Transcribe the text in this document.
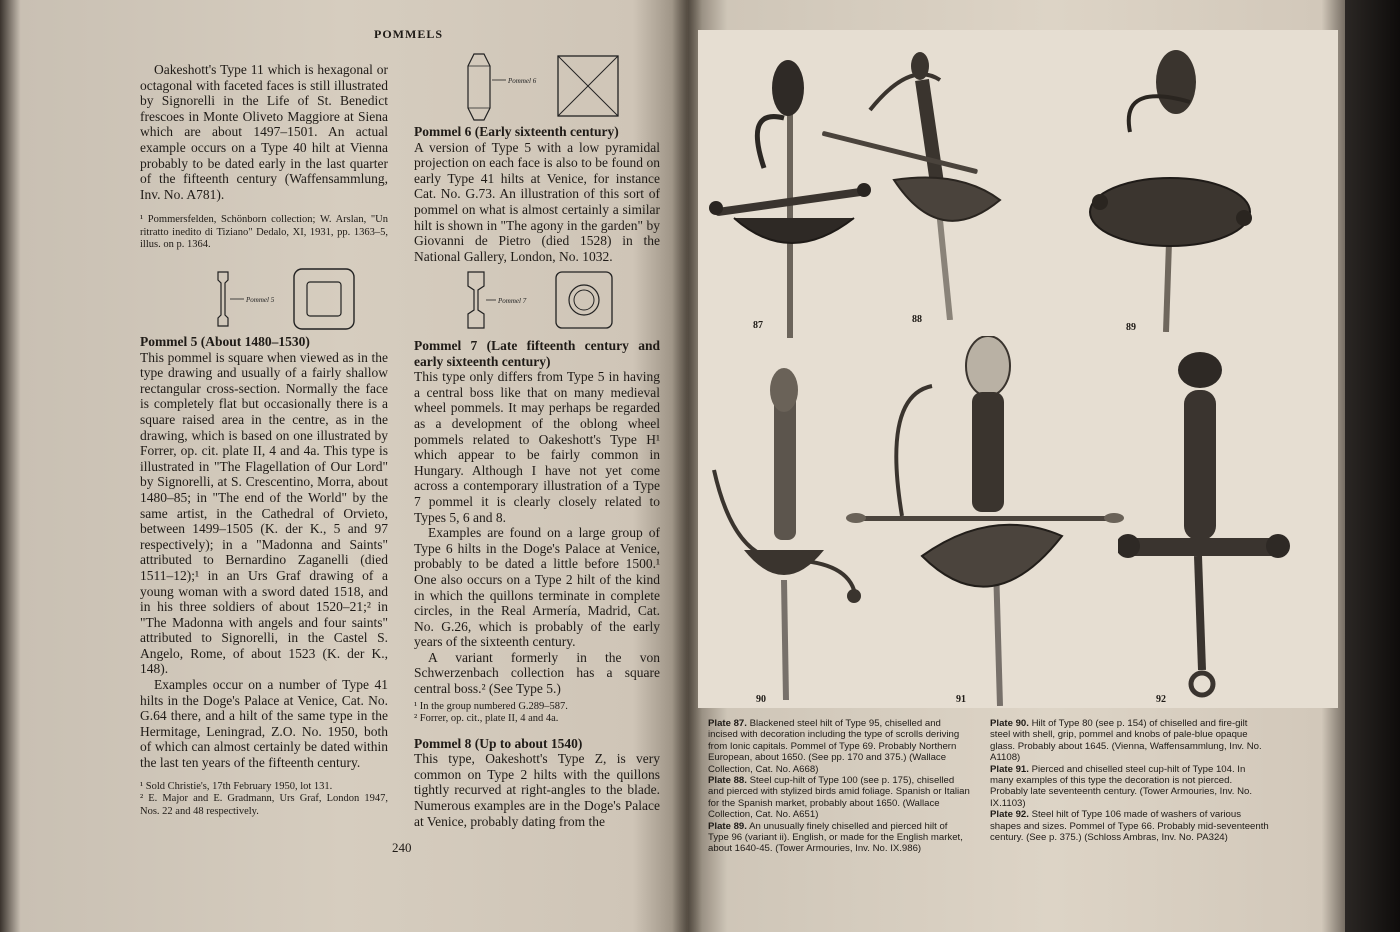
POMMELS

Oakeshott's Type 11 which is hexagonal or octagonal with faceted faces is still illustrated by Signorelli in the Life of St. Benedict frescoes in Monte Oliveto Maggiore at Siena which are about 1497–1501. An actual example occurs on a Type 40 hilt at Vienna probably to be dated early in the last quarter of the fifteenth century (Waffensammlung, Inv. No. A781).

¹ Pommersfelden, Schönborn collection; W. Arslan, "Un ritratto inedito di Tiziano" Dedalo, XI, 1931, pp. 1363–5, illus. on p. 1364.

Pommel 5

Pommel 5 (About 1480–1530)

This pommel is square when viewed as in the type drawing and usually of a fairly shallow rectangular cross-section. Normally the face is completely flat but occasionally there is a square raised area in the centre, as in the drawing, which is based on one illustrated by Forrer, op. cit. plate II, 4 and 4a. This type is illustrated in "The Flagellation of Our Lord" by Signorelli, at S. Crescentino, Morra, about 1480–85; in "The end of the World" by the same artist, in the Cathedral of Orvieto, between 1499–1505 (K. der K., 5 and 97 respectively); in a "Madonna and Saints" attributed to Bernardino Zaganelli (died 1511–12);¹ in an Urs Graf drawing of a young woman with a sword dated 1518, and in his three soldiers of about 1520–21;² in "The Madonna with angels and four saints" attributed to Signorelli, in the Castel S. Angelo, Rome, of about 1523 (K. der K., 148).

Examples occur on a number of Type 41 hilts in the Doge's Palace at Venice, Cat. No. G.64 there, and a hilt of the same type in the Hermitage, Leningrad, Z.O. No. 1950, both of which can almost certainly be dated within the last ten years of the fifteenth century.

¹ Sold Christie's, 17th February 1950, lot 131.

² E. Major and E. Gradmann, Urs Graf, London 1947, Nos. 22 and 48 respectively.

Pommel 6

Pommel 6 (Early sixteenth century)

A version of Type 5 with a low pyramidal projection on each face is also to be found on early Type 41 hilts at Venice, for instance Cat. No. G.73. An illustration of this sort of pommel on what is almost certainly a similar hilt is shown in "The agony in the garden" by Giovanni de Pietro (died 1528) in the National Gallery, London, No. 1032.

Pommel 7

Pommel 7 (Late fifteenth century and early sixteenth century)

This type only differs from Type 5 in having a central boss like that on many medieval wheel pommels. It may perhaps be regarded as a development of the oblong wheel pommels related to Oakeshott's Type H¹ which appear to be fairly common in Hungary. Although I have not yet come across a contemporary illustration of a Type 7 pommel it is clearly closely related to Types 5, 6 and 8.

Examples are found on a large group of Type 6 hilts in the Doge's Palace at Venice, probably to be dated a little before 1500.¹ One also occurs on a Type 2 hilt of the kind in which the quillons terminate in complete circles, in the Real Armería, Madrid, Cat. No. G.26, which is probably of the early years of the sixteenth century.

A variant formerly in the von Schwerzenbach collection has a square central boss.² (See Type 5.)

¹ In the group numbered G.289–587.

² Forrer, op. cit., plate II, 4 and 4a.

Pommel 8 (Up to about 1540)

This type, Oakeshott's Type Z, is very common on Type 2 hilts with the quillons tightly recurved at right-angles to the blade. Numerous examples are in the Doge's Palace at Venice, probably dating from the

240
87
88
89
90	91	92
Plate 87. Blackened steel hilt of Type 95, chiselled and incised with decoration including the type of scrolls deriving from Ionic capitals. Pommel of Type 69. Probably Northern European, about 1650. (See pp. 170 and 375.) (Wallace Collection, Cat. No. A668)
Plate 88. Steel cup-hilt of Type 100 (see p. 175), chiselled and pierced with stylized birds amid foliage. Spanish or Italian for the Spanish market, probably about 1650. (Wallace Collection, Cat. No. A651)
Plate 89. An unusually finely chiselled and pierced hilt of Type 96 (variant ii). English, or made for the English market, about 1640-45. (Tower Armouries, Inv. No. IX.986)
Plate 90. Hilt of Type 80 (see p. 154) of chiselled and fire-gilt steel with shell, grip, pommel and knobs of pale-blue opaque glass. Probably about 1645. (Vienna, Waffensammlung, Inv. No. A1108)
Plate 91. Pierced and chiselled steel cup-hilt of Type 104. In many examples of this type the decoration is not pierced. Probably late seventeenth century. (Tower Armouries, Inv. No. IX.1103)
Plate 92. Steel hilt of Type 106 made of washers of various shapes and sizes. Pommel of Type 66. Probably mid-seventeenth century. (See p. 375.) (Schloss Ambras, Inv. No. PA324)
